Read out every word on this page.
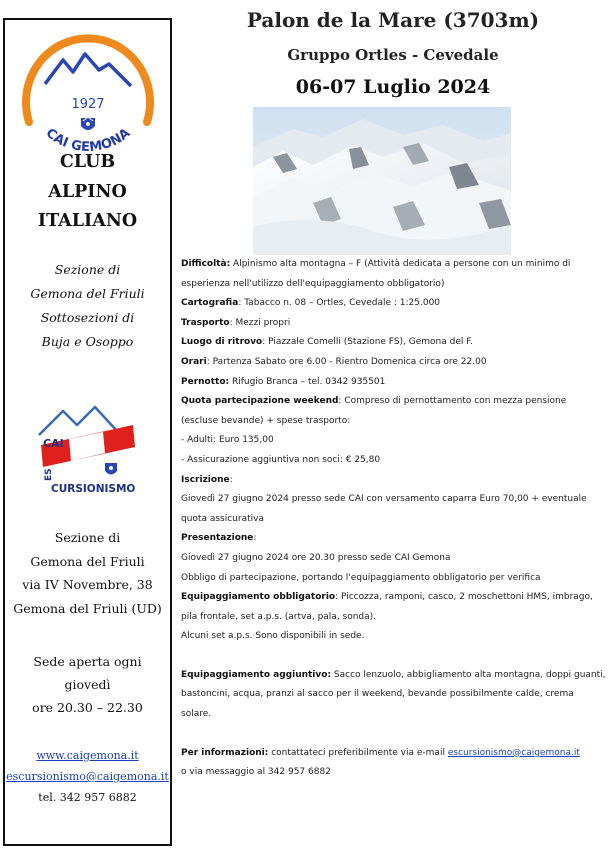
1927
CAI GEMONA
CLUB
ALPINO
ITALIANO
Sezione di
Gemona del Friuli
Sottosezioni di
Buja e Osoppo
CAI
ES
CURSIONISMO
Sezione di
Gemona del Friuli
via IV Novembre, 38
Gemona del Friuli (UD)
Sede aperta ogni
giovedì
ore 20.30 – 22.30
www.caigemona.it
escursionismo@caigemona.it
tel. 342 957 6882
Palon de la Mare (3703m)
Gruppo Ortles - Cevedale
06-07 Luglio 2024

Difficoltà: Alpinismo alta montagna – F (Attività dedicata a persone con un minimo di esperienza nell'utilizzo dell'equipaggiamento obbligatorio)

Cartografia: Tabacco n. 08 – Ortles, Cevedale : 1:25.000

Trasporto: Mezzi propri

Luogo di ritrovo: Piazzale Comelli (Stazione FS), Gemona del F.

Orari: Partenza Sabato ore 6.00 - Rientro Domenica circa ore 22.00

Pernotto: Rifugio Branca – tel. 0342 935501

Quota partecipazione weekend: Compreso di pernottamento con mezza pensione (escluse bevande) + spese trasporto:

- Adulti: Euro 135,00

- Assicurazione aggiuntiva non soci: € 25,80

Iscrizione:

Giovedì 27 giugno 2024 presso sede CAI con versamento caparra Euro 70,00 + eventuale quota assicurativa

Presentazione:

Giovedì 27 giugno 2024 ore 20.30 presso sede CAI Gemona

Obbligo di partecipazione, portando l'equipaggiamento obbligatorio per verifica

Equipaggiamento obbligatorio: Piccozza, ramponi, casco, 2 moschettoni HMS, imbrago, pila frontale, set a.p.s. (artva, pala, sonda).

Alcuni set a.p.s. Sono disponibili in sede.

Equipaggiamento aggiuntivo: Sacco lenzuolo, abbigliamento alta montagna, doppi guanti, bastoncini, acqua, pranzi al sacco per il weekend, bevande possibilmente calde, crema solare.

Per informazioni: contattateci preferibilmente via e-mail escursionismo@caigemona.it

o via messaggio al 342 957 6882
